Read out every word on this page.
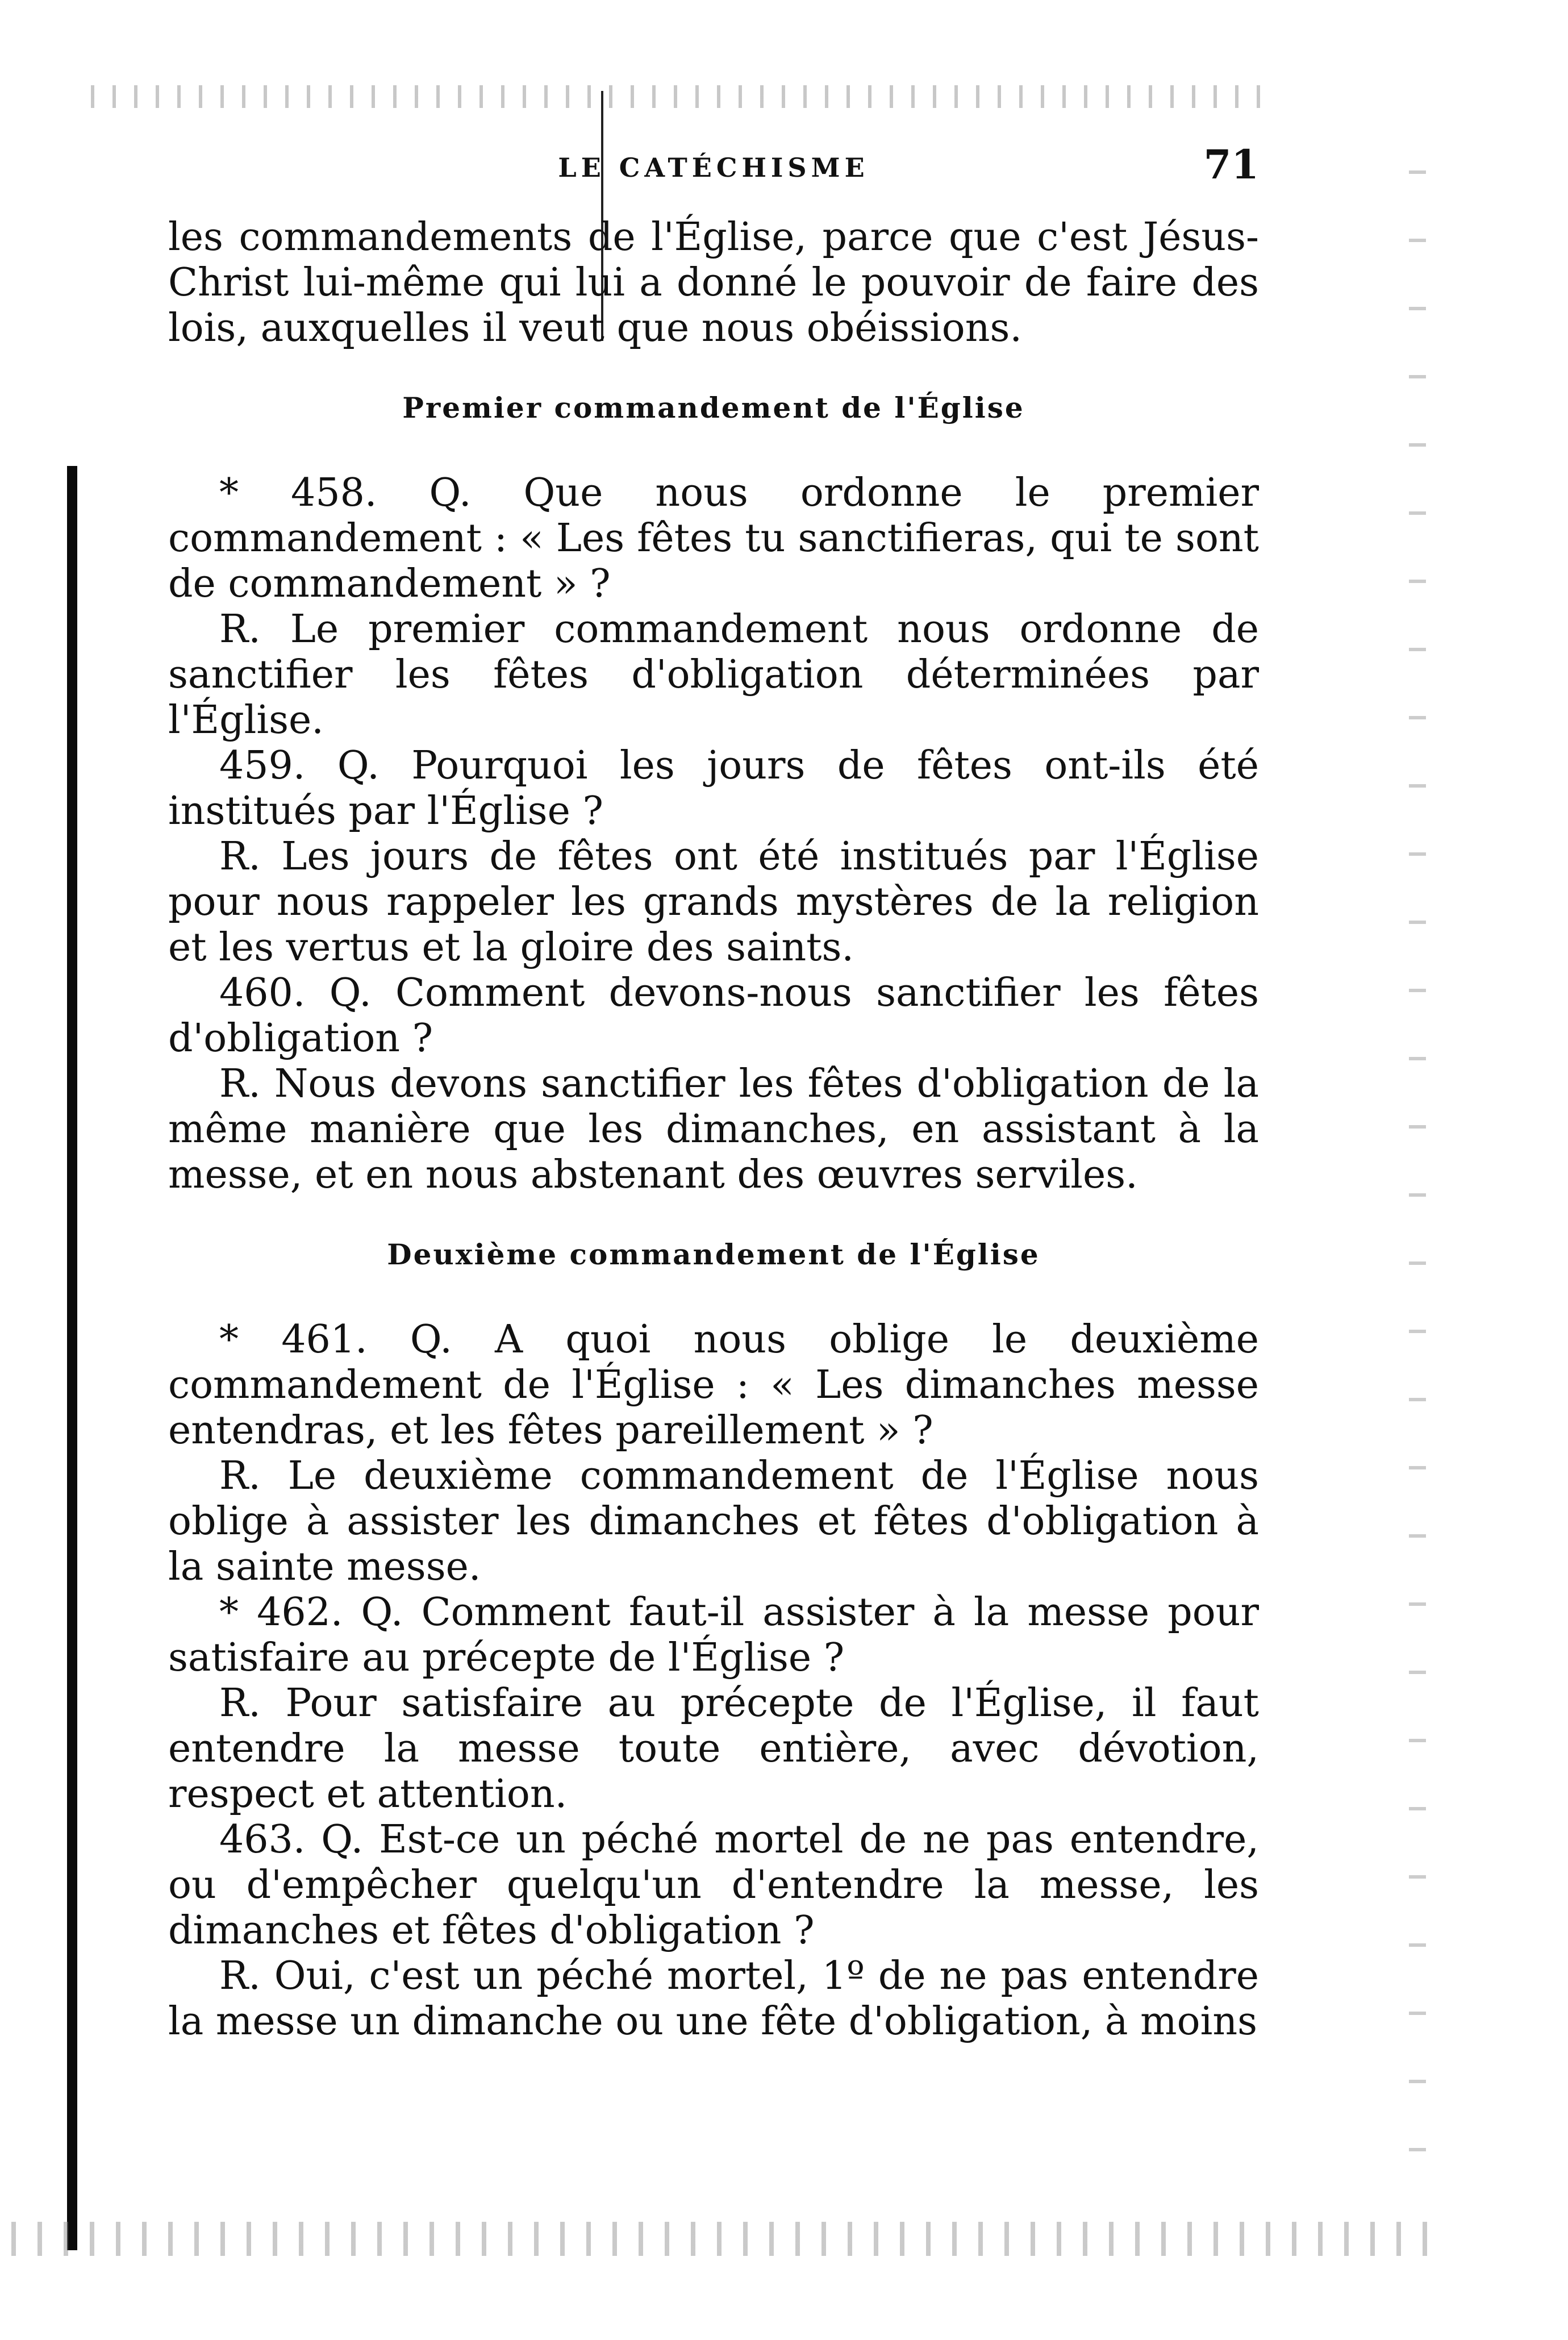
LE CATÉCHISME	71

les commandements de l'Église, parce que c'est Jésus-Christ lui-même qui lui a donné le pouvoir de faire des lois, auxquelles il veut que nous obéissions.

Premier commandement de l'Église

* 458. Q. Que nous ordonne le premier commandement : « Les fêtes tu sanctifieras, qui te sont de commandement » ?

R. Le premier commandement nous ordonne de sanctifier les fêtes d'obligation déterminées par l'Église.

459. Q. Pourquoi les jours de fêtes ont-ils été institués par l'Église ?

R. Les jours de fêtes ont été institués par l'Église pour nous rappeler les grands mystères de la religion et les vertus et la gloire des saints.

460. Q. Comment devons-nous sanctifier les fêtes d'obligation ?

R. Nous devons sanctifier les fêtes d'obligation de la même manière que les dimanches, en assistant à la messe, et en nous abstenant des œuvres serviles.

Deuxième commandement de l'Église

* 461. Q. A quoi nous oblige le deuxième commandement de l'Église : « Les dimanches messe entendras, et les fêtes pareillement » ?

R. Le deuxième commandement de l'Église nous oblige à assister les dimanches et fêtes d'obligation à la sainte messe.

* 462. Q. Comment faut-il assister à la messe pour satisfaire au précepte de l'Église ?

R. Pour satisfaire au précepte de l'Église, il faut entendre la messe toute entière, avec dévotion, respect et attention.

463. Q. Est-ce un péché mortel de ne pas entendre, ou d'empêcher quelqu'un d'entendre la messe, les dimanches et fêtes d'obligation ?

R. Oui, c'est un péché mortel, 1º de ne pas entendre la messe un dimanche ou une fête d'obligation, à moins
